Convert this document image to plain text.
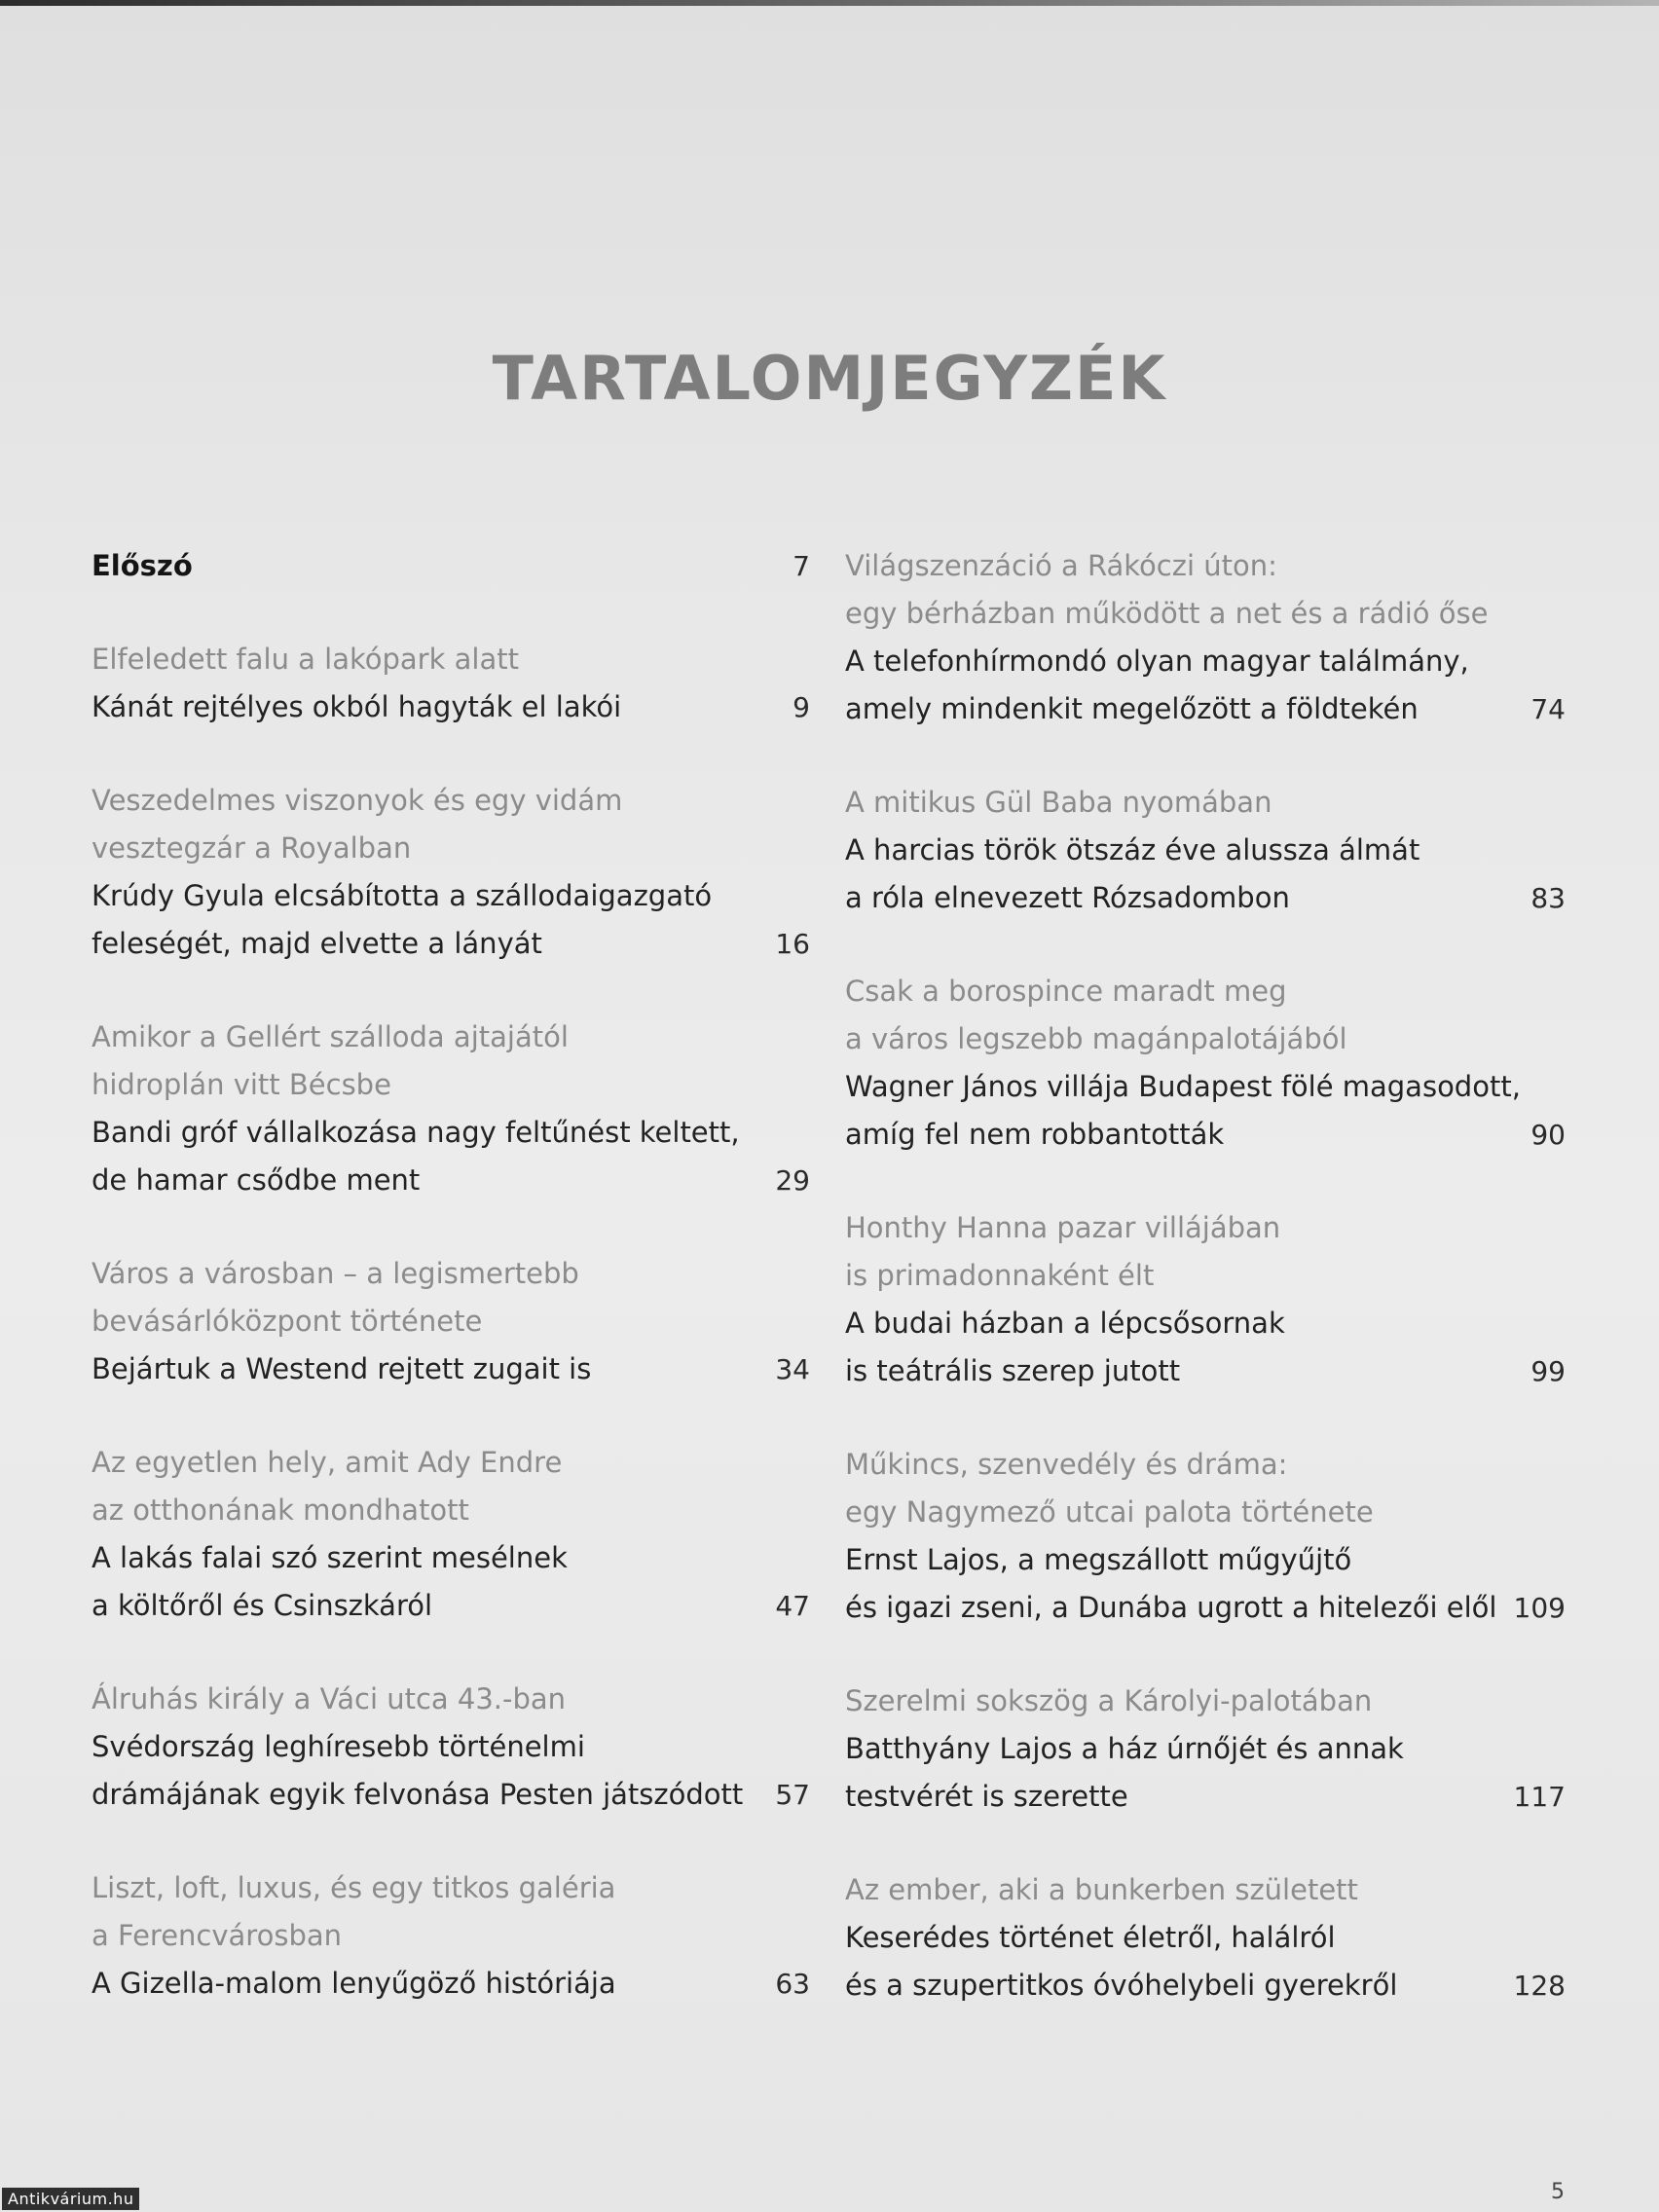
TARTALOMJEGYZÉK
Előszó	7
Elfeledett falu a lakópark alatt
Kánát rejtélyes okból hagyták el lakói	9
Veszedelmes viszonyok és egy vidám
vesztegzár a Royalban
Krúdy Gyula elcsábította a szállodaigazgató
feleségét, majd elvette a lányát	16
Amikor a Gellért szálloda ajtajától
hidroplán vitt Bécsbe
Bandi gróf vállalkozása nagy feltűnést keltett,
de hamar csődbe ment	29
Város a városban – a legismertebb
bevásárlóközpont története
Bejártuk a Westend rejtett zugait is	34
Az egyetlen hely, amit Ady Endre
az otthonának mondhatott
A lakás falai szó szerint mesélnek
a költőről és Csinszkáról	47
Álruhás király a Váci utca 43.-ban
Svédország leghíresebb történelmi
drámájának egyik felvonása Pesten játszódott	57
Liszt, loft, luxus, és egy titkos galéria
a Ferencvárosban
A Gizella-malom lenyűgöző históriája	63
Világszenzáció a Rákóczi úton:
egy bérházban működött a net és a rádió őse
A telefonhírmondó olyan magyar találmány,
amely mindenkit megelőzött a földtekén	74
A mitikus Gül Baba nyomában
A harcias török ötszáz éve alussza álmát
a róla elnevezett Rózsadombon	83
Csak a borospince maradt meg
a város legszebb magánpalotájából
Wagner János villája Budapest fölé magasodott,
amíg fel nem robbantották	90
Honthy Hanna pazar villájában
is primadonnaként élt
A budai házban a lépcsősornak
is teátrális szerep jutott	99
Műkincs, szenvedély és dráma:
egy Nagymező utcai palota története
Ernst Lajos, a megszállott műgyűjtő
és igazi zseni, a Dunába ugrott a hitelezői elől 109
Szerelmi sokszög a Károlyi-palotában
Batthyány Lajos a ház úrnőjét és annak
testvérét is szerette	117
Az ember, aki a bunkerben született
Keserédes történet életről, halálról
és a szupertitkos óvóhelybeli gyerekről	128
5
Antikvárium.hu
